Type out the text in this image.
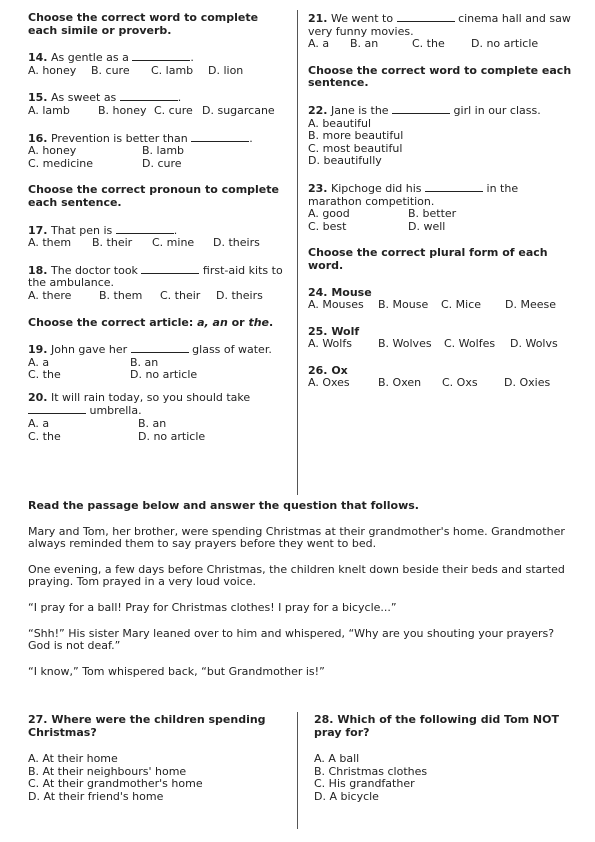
Choose the correct word to complete each simile or proverb.

14. As gentle as a	.

A. honey	B. cure	C. lamb	D. lion

15. As sweet as	.

A. lamb	B. honey C. cure D. sugarcane

16. Prevention is better than	.

A. honey	B. lamb
C. medicine	D. cure

Choose the correct pronoun to complete each sentence.

17. That pen is	.

A. them	B. their	C. mine	D. theirs

18. The doctor took	first-aid kits to the ambulance.

A. there	B. them	C. their	D. theirs

Choose the correct article: a, an or the.

19. John gave her	glass of water.

A. a	B. an
C. the	D. no article

20. It will rain today, so you should take

umbrella.

A. a	B. an
C. the	D. no article

21. We went to	cinema hall and saw very funny movies.

A. a	B. an	C. the	D. no article

Choose the correct word to complete each sentence.

22. Jane is the	girl in our class.

A. beautiful

B. more beautiful

C. most beautiful

D. beautifully

23. Kipchoge did his	in the marathon competition.

A. good	B. better
C. best	D. well

Choose the correct plural form of each word.

24. Mouse

A. Mouses	B. Mouse	C. Mice	D. Meese

25. Wolf

A. Wolfs	B. Wolves	C. Wolfes	D. Wolvs

26. Ox

A. Oxes	B. Oxen	C. Oxs	D. Oxies

Read the passage below and answer the question that follows.

Mary and Tom, her brother, were spending Christmas at their grandmother's home. Grandmother always reminded them to say prayers before they went to bed.

One evening, a few days before Christmas, the children knelt down beside their beds and started praying. Tom prayed in a very loud voice.

“I pray for a ball! Pray for Christmas clothes! I pray for a bicycle...”

“Shh!” His sister Mary leaned over to him and whispered, “Why are you shouting your prayers? God is not deaf.”

“I know,” Tom whispered back, “but Grandmother is!”

27. Where were the children spending Christmas?

A. At their home

B. At their neighbours' home

C. At their grandmother's home

D. At their friend's home

28. Which of the following did Tom NOT pray for?

A. A ball

B. Christmas clothes

C. His grandfather

D. A bicycle
